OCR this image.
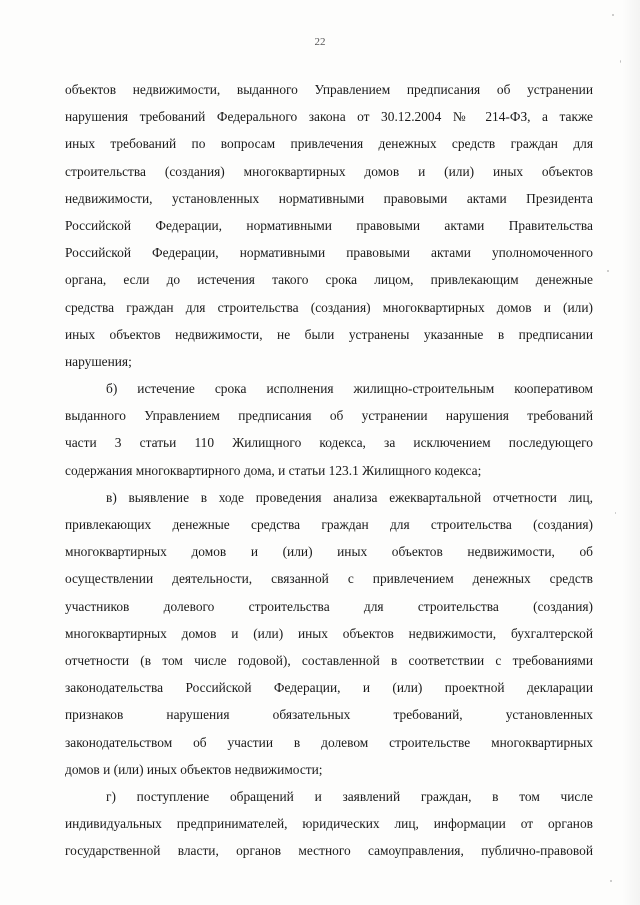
22
объектов недвижимости, выданного Управлением предписания об устранении
нарушения требований Федерального закона от 30.12.2004 № 214-ФЗ, а также
иных требований по вопросам привлечения денежных средств граждан для
строительства (создания) многоквартирных домов и (или) иных объектов
недвижимости, установленных нормативными правовыми актами Президента
Российской Федерации, нормативными правовыми актами Правительства
Российской Федерации, нормативными правовыми актами уполномоченного
органа, если до истечения такого срока лицом, привлекающим денежные
средства граждан для строительства (создания) многоквартирных домов и (или)
иных объектов недвижимости, не были устранены указанные в предписании
нарушения;
б) истечение срока исполнения жилищно-строительным кооперативом
выданного Управлением предписания об устранении нарушения требований
части 3 статьи 110 Жилищного кодекса, за исключением последующего
содержания многоквартирного дома, и статьи 123.1 Жилищного кодекса;
в) выявление в ходе проведения анализа ежеквартальной отчетности лиц,
привлекающих денежные средства граждан для строительства (создания)
многоквартирных домов и (или) иных объектов недвижимости, об
осуществлении деятельности, связанной с привлечением денежных средств
участников долевого строительства для строительства (создания)
многоквартирных домов и (или) иных объектов недвижимости, бухгалтерской
отчетности (в том числе годовой), составленной в соответствии с требованиями
законодательства Российской Федерации, и (или) проектной декларации
признаков нарушения обязательных требований, установленных
законодательством об участии в долевом строительстве многоквартирных
домов и (или) иных объектов недвижимости;
г) поступление обращений и заявлений граждан, в том числе
индивидуальных предпринимателей, юридических лиц, информации от органов
государственной власти, органов местного самоуправления, публично-правовой
